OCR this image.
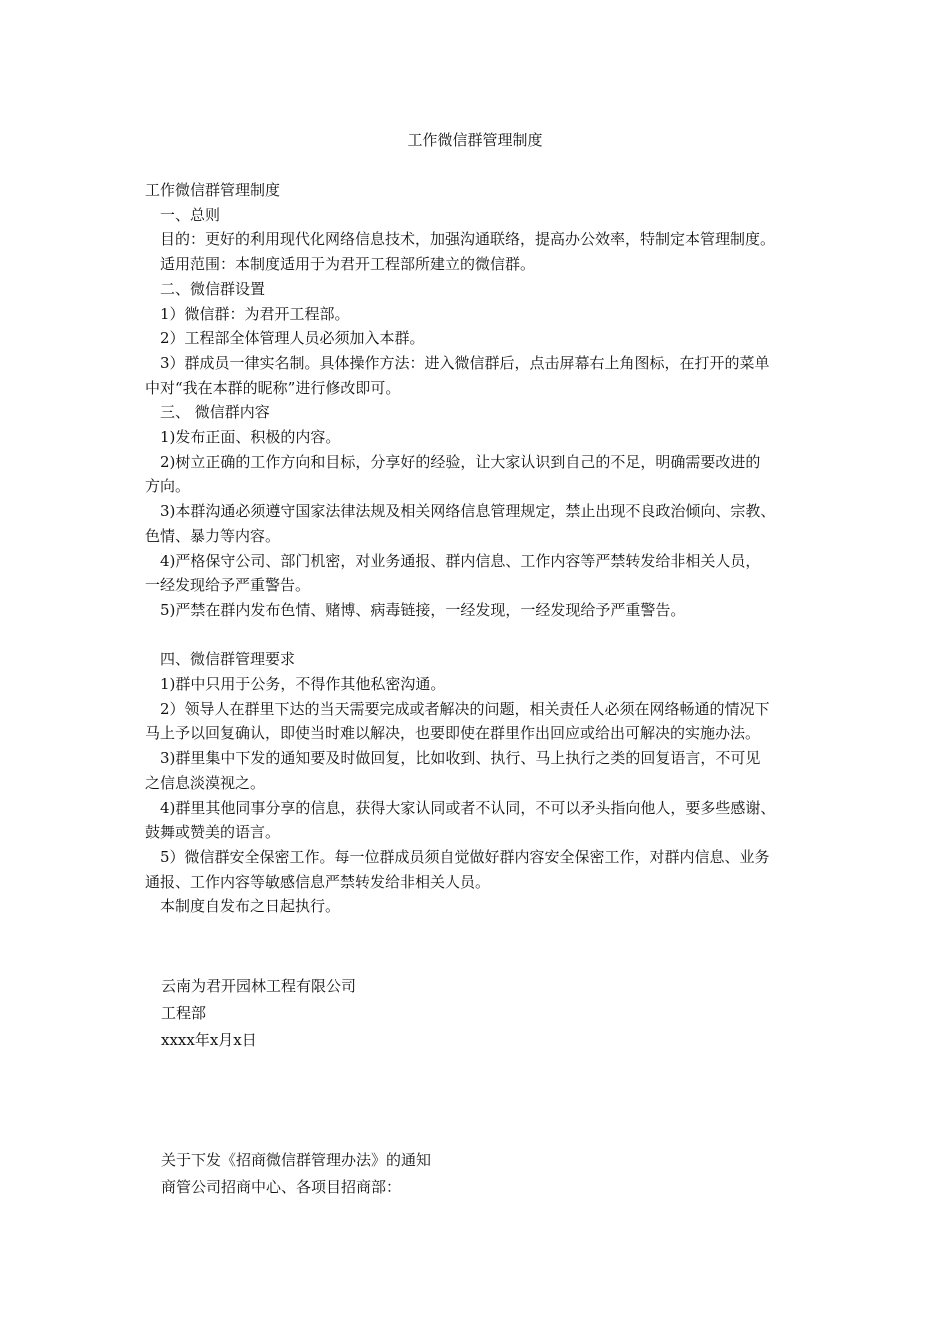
工作微信群管理制度
工作微信群管理制度
一、总则
目的：更好的利用现代化网络信息技术，加强沟通联络，提高办公效率，特制定本管理制度。
适用范围：本制度适用于为君开工程部所建立的微信群。
二、微信群设置
1）微信群：为君开工程部。
2）工程部全体管理人员必须加入本群。
3）群成员一律实名制。具体操作方法：进入微信群后，点击屏幕右上角图标，在打开的菜单
中对“我在本群的昵称”进行修改即可。
三、 微信群内容
1)发布正面、积极的内容。
2)树立正确的工作方向和目标，分享好的经验，让大家认识到自己的不足，明确需要改进的
方向。
3)本群沟通必须遵守国家法律法规及相关网络信息管理规定，禁止出现不良政治倾向、宗教、
色情、暴力等内容。
4)严格保守公司、部门机密，对业务通报、群内信息、工作内容等严禁转发给非相关人员，
一经发现给予严重警告。
5)严禁在群内发布色情、赌博、病毒链接，一经发现，一经发现给予严重警告。
四、微信群管理要求
1)群中只用于公务，不得作其他私密沟通。
2）领导人在群里下达的当天需要完成或者解决的问题，相关责任人必须在网络畅通的情况下
马上予以回复确认，即使当时难以解决，也要即使在群里作出回应或给出可解决的实施办法。
3)群里集中下发的通知要及时做回复，比如收到、执行、马上执行之类的回复语言，不可见
之信息淡漠视之。
4)群里其他同事分享的信息，获得大家认同或者不认同，不可以矛头指向他人，要多些感谢、
鼓舞或赞美的语言。
5）微信群安全保密工作。每一位群成员须自觉做好群内容安全保密工作，对群内信息、业务
通报、工作内容等敏感信息严禁转发给非相关人员。
本制度自发布之日起执行。
云南为君开园林工程有限公司
工程部
xxxx年x月x日
关于下发《招商微信群管理办法》的通知
商管公司招商中心、各项目招商部：
